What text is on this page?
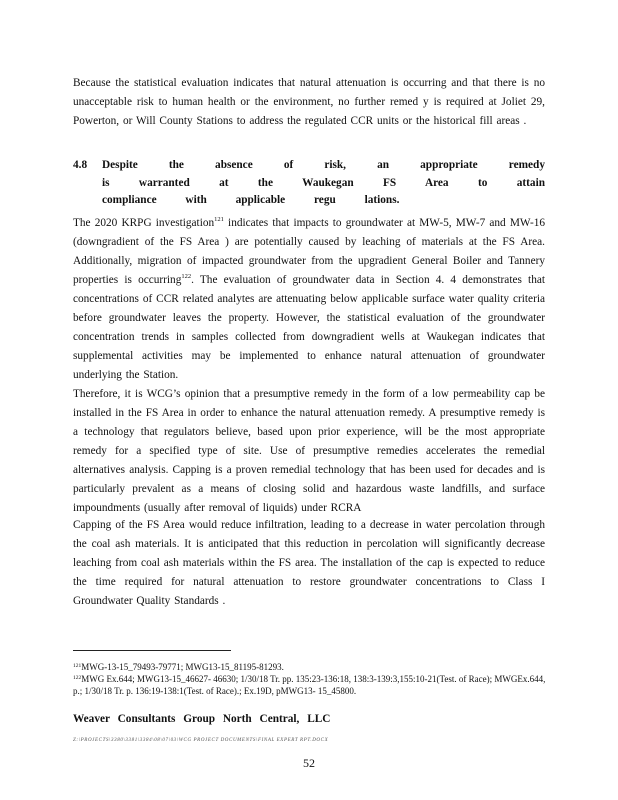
Because the statistical evaluation indicates that natural attenuation is occurring and that there is no unacceptable risk to human health or the environment, no further remed y is required at Joliet 29, Powerton, or Will County Stations to address the regulated CCR units or the historical fill areas .
4.8 Despite the absence of risk, an appropriate remedy is warranted at the Waukegan FS Area to attain compliance with applicable regu lations.
The 2020 KRPG investigation$^{121}$ indicates that impacts to groundwater at MW-5, MW-7 and MW-16 (downgradient of the FS Area ) are potentially caused by leaching of materials at the FS Area. Additionally, migration of impacted groundwater from the upgradient General Boiler and Tannery properties is occurring$^{122}$. The evaluation of groundwater data in Section 4. 4 demonstrates that concentrations of CCR related analytes are attenuating below applicable surface water quality criteria before groundwater leaves the property. However, the statistical evaluation of the groundwater concentration trends in samples collected from downgradient wells at Waukegan indicates that supplemental activities may be implemented to enhance natural attenuation of groundwater underlying the Station.
Therefore, it is WCG’s opinion that a presumptive remedy in the form of a low permeability cap be installed in the FS Area in order to enhance the natural attenuation remedy. A presumptive remedy is a technology that regulators believe, based upon prior experience, will be the most appropriate remedy for a specified type of site. Use of presumptive remedies accelerates the remedial alternatives analysis. Capping is a proven remedial technology that has been used for decades and is particularly prevalent as a means of closing solid and hazardous waste landfills, and surface impoundments (usually after removal of liquids) under RCRA
Capping of the FS Area would reduce infiltration, leading to a decrease in water percolation through the coal ash materials. It is anticipated that this reduction in percolation will significantly decrease leaching from coal ash materials within the FS area. The installation of the cap is expected to reduce the time required for natural attenuation to restore groundwater concentrations to Class I Groundwater Quality Standards .
$^{121}$MWG-13-15_79493-79771; MWG13-15_81195-81293.
$^{122}$MWG Ex.644; MWG13-15_46627- 46630; 1/30/18 Tr. pp. 135:23-136:18, 138:3-139:3,155:10-21(Test. of Race); MWGEx.644, p.; 1/30/18 Tr. p. 136:19-138:1(Test. of Race).; Ex.19D, pMWG13- 15_45800.
Weaver Consultants Group North Central, LLC
Z:\PROJECTS\3380\3381\3384\08\07\03\WCG PROJECT DOCUMENTS\FINAL EXPERT RPT.DOCX
52
